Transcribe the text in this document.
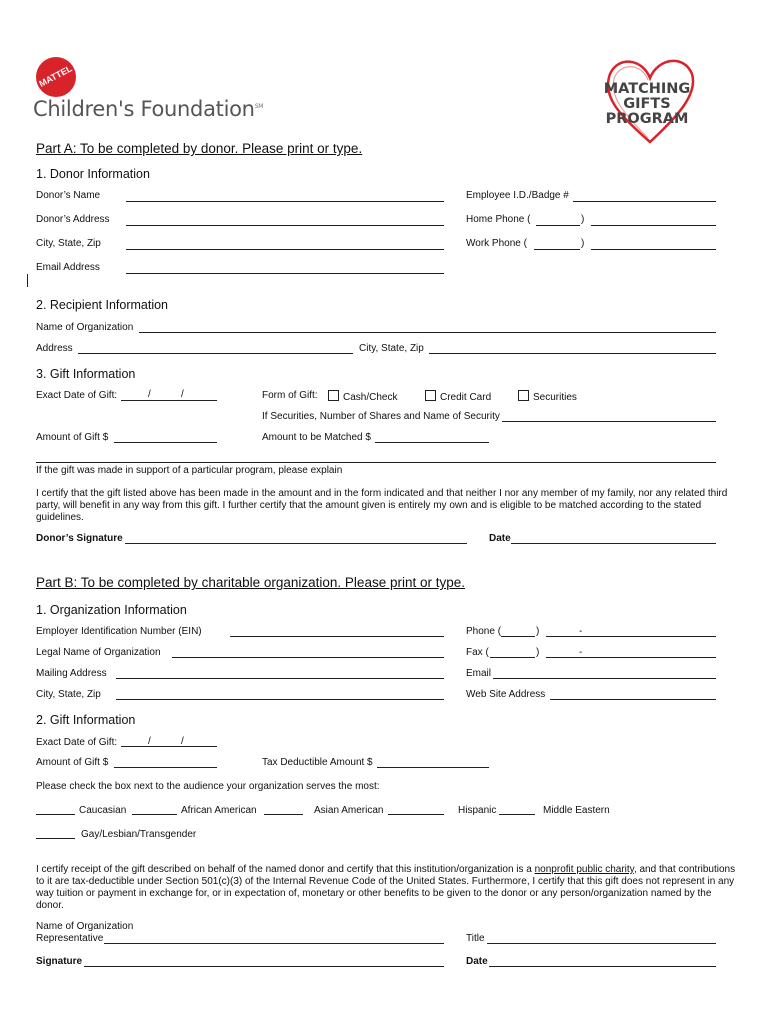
MATTEL
Children's Foundation℠
MATCHING
GIFTS
PROGRAM
Part A: To be completed by donor. Please print or type.
1. Donor Information
Donor’s Name	Employee I.D./Badge #
Donor’s Address	Home Phone (	)
City, State, Zip	Work Phone (	)
Email Address
2. Recipient Information
Name of Organization
Address	City, State, Zip
3. Gift Information
Exact Date of Gift:	/	/	Form of Gift:	Cash/Check	Credit Card	Securities
If Securities, Number of Shares and Name of Security
Amount of Gift $	Amount to be Matched $
If the gift was made in support of a particular program, please explain
I certify that the gift listed above has been made in the amount and in the form indicated and that neither I nor any member of my family, nor any related third party, will benefit in any way from this gift. I further certify that the amount given is entirely my own and is eligible to be matched according to the stated guidelines.
Donor’s Signature	Date
Part B: To be completed by charitable organization. Please print or type.
1. Organization Information
Employer Identification Number (EIN)	Phone (	)	-
Legal Name of Organization	Fax (	)	-
Mailing Address	Email
City, State, Zip	Web Site Address
2. Gift Information
Exact Date of Gift:	/	/
Amount of Gift $	Tax Deductible Amount $
Please check the box next to the audience your organization serves the most:
Caucasian	African American	Asian American	Hispanic	Middle Eastern
Gay/Lesbian/Transgender
I certify receipt of the gift described on behalf of the named donor and certify that this institution/organization is a nonprofit public charity, and that contributions to it are tax-deductible under Section 501(c)(3) of the Internal Revenue Code of the United States. Furthermore, I certify that this gift does not represent in any way tuition or payment in exchange for, or in expectation of, monetary or other benefits to be given to the donor or any person/organization named by the donor.
Name of Organization
Representative	Title
Signature	Date
